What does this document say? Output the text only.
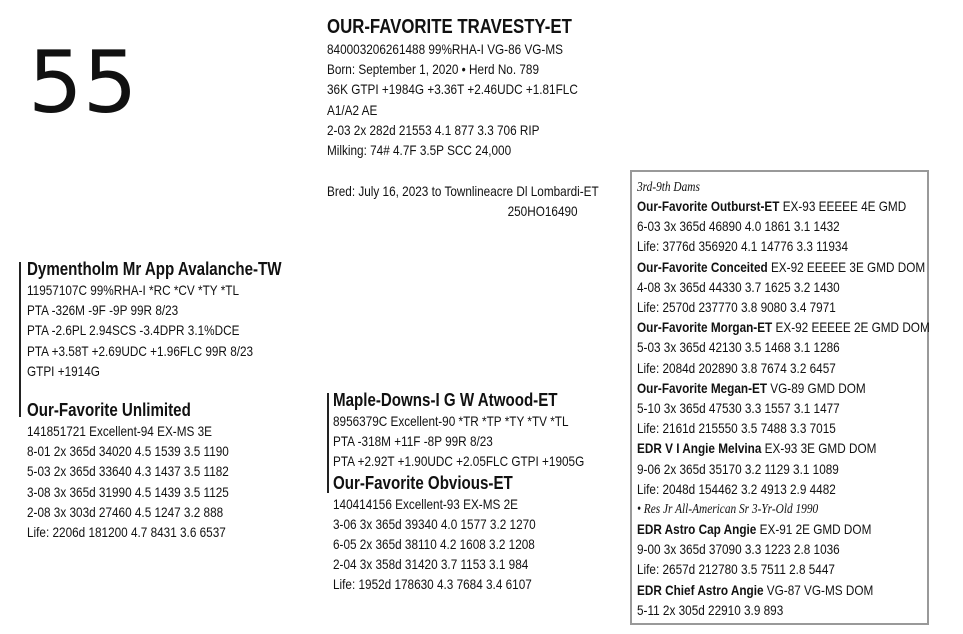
55
OUR-FAVORITE TRAVESTY-ET
840003206261488 99%RHA-I VG-86 VG-MS
Born: September 1, 2020 • Herd No. 789
36K GTPI +1984G +3.36T +2.46UDC +1.81FLC
A1/A2 AE
2-03 2x 282d 21553 4.1 877 3.3 706 RIP
Milking: 74# 4.7F 3.5P SCC 24,000
Bred: July 16, 2023 to Townlineacre Dl Lombardi-ET
250HO16490
Dymentholm Mr App Avalanche-TW
11957107C 99%RHA-I *RC *CV *TY *TL
PTA -326M -9F -9P 99R 8/23
PTA -2.6PL 2.94SCS -3.4DPR 3.1%DCE
PTA +3.58T +2.69UDC +1.96FLC 99R 8/23
GTPI +1914G
Our-Favorite Unlimited
141851721 Excellent-94 EX-MS 3E
8-01 2x 365d 34020 4.5 1539 3.5 1190
5-03 2x 365d 33640 4.3 1437 3.5 1182
3-08 3x 365d 31990 4.5 1439 3.5 1125
2-08 3x 303d 27460 4.5 1247 3.2 888
Life: 2206d 181200 4.7 8431 3.6 6537
Maple-Downs-I G W Atwood-ET
8956379C Excellent-90 *TR *TP *TY *TV *TL
PTA -318M +11F -8P 99R 8/23
PTA +2.92T +1.90UDC +2.05FLC GTPI +1905G
Our-Favorite Obvious-ET
140414156 Excellent-93 EX-MS 2E
3-06 3x 365d 39340 4.0 1577 3.2 1270
6-05 2x 365d 38110 4.2 1608 3.2 1208
2-04 3x 358d 31420 3.7 1153 3.1 984
Life: 1952d 178630 4.3 7684 3.4 6107
3rd-9th Dams
Our-Favorite Outburst-ET EX-93 EEEEE 4E GMD
6-03 3x 365d 46890 4.0 1861 3.1 1432
Life: 3776d 356920 4.1 14776 3.3 11934
Our-Favorite Conceited EX-92 EEEEE 3E GMD DOM
4-08 3x 365d 44330 3.7 1625 3.2 1430
Life: 2570d 237770 3.8 9080 3.4 7971
Our-Favorite Morgan-ET EX-92 EEEEE 2E GMD DOM
5-03 3x 365d 42130 3.5 1468 3.1 1286
Life: 2084d 202890 3.8 7674 3.2 6457
Our-Favorite Megan-ET VG-89 GMD DOM
5-10 3x 365d 47530 3.3 1557 3.1 1477
Life: 2161d 215550 3.5 7488 3.3 7015
EDR V I Angie Melvina EX-93 3E GMD DOM
9-06 2x 365d 35170 3.2 1129 3.1 1089
Life: 2048d 154462 3.2 4913 2.9 4482
• Res Jr All-American Sr 3-Yr-Old 1990
EDR Astro Cap Angie EX-91 2E GMD DOM
9-00 3x 365d 37090 3.3 1223 2.8 1036
Life: 2657d 212780 3.5 7511 2.8 5447
EDR Chief Astro Angie VG-87 VG-MS DOM
5-11 2x 305d 22910 3.9 893
